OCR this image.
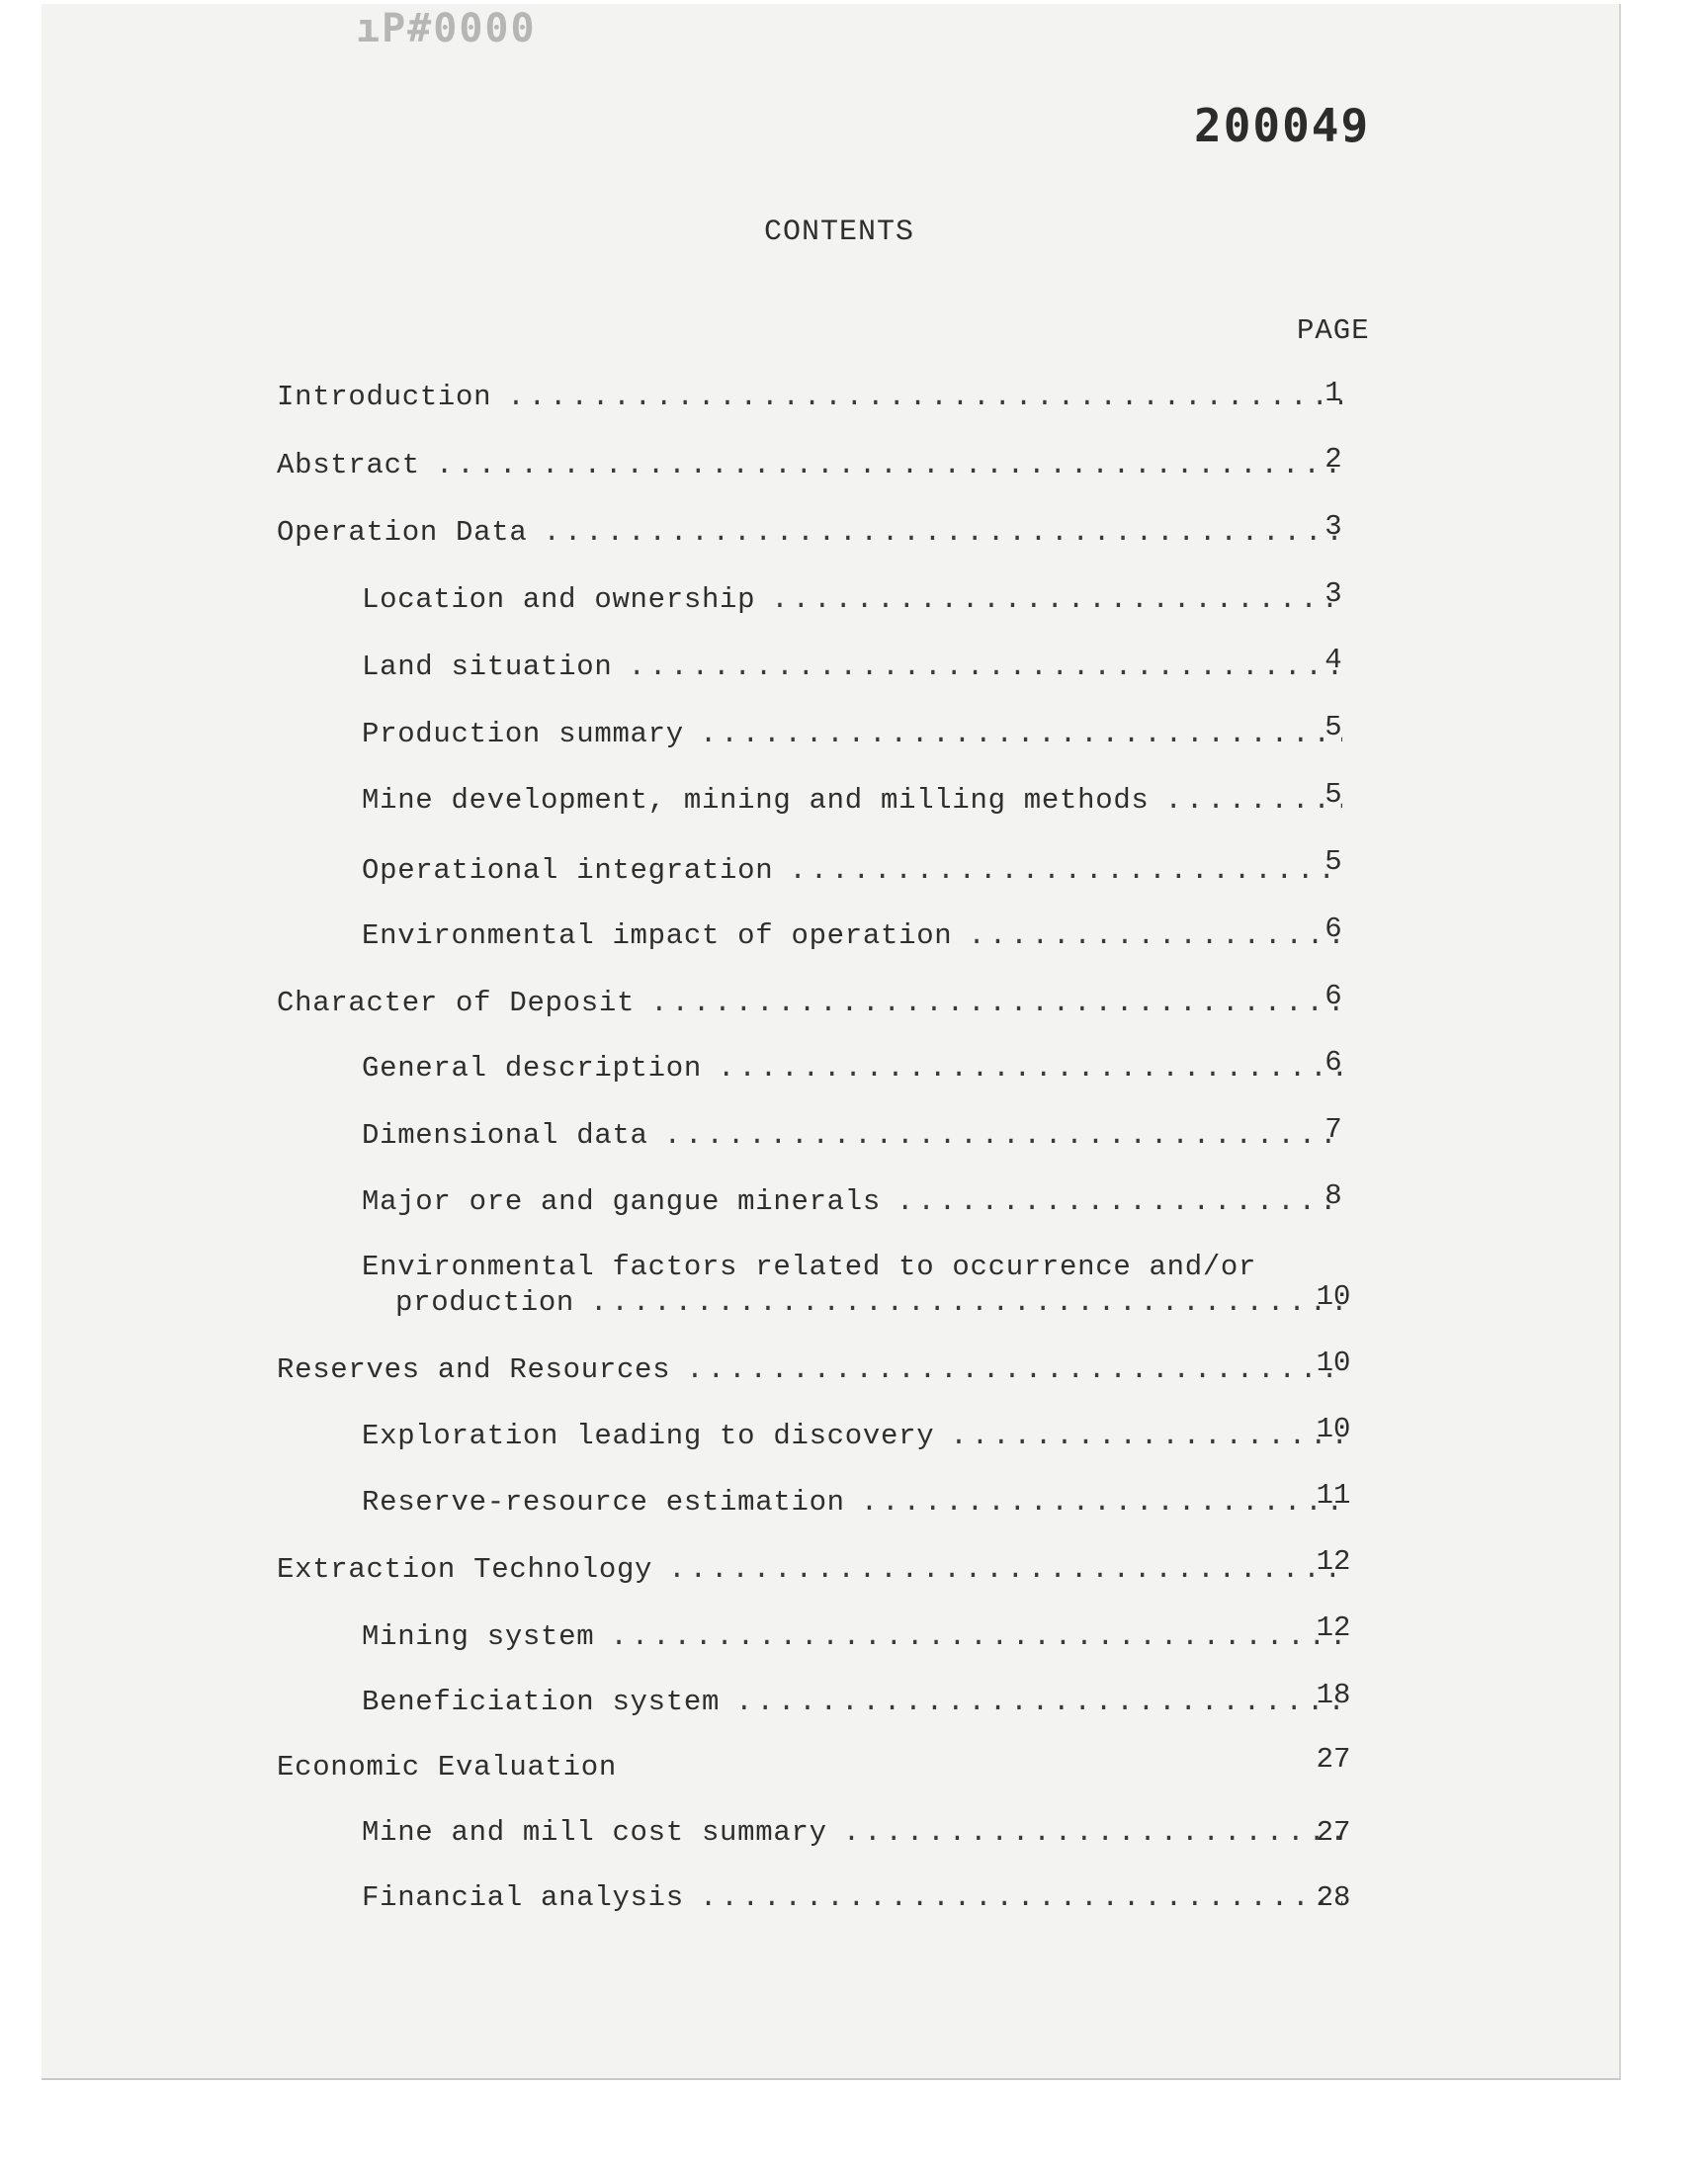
ıP#0000
200049
CONTENTS
PAGE
Introduction .....	1
Abstract .....	2
Operation Data .....	3
Location and ownership .....	3
Land situation .....	4
Production summary .....	5
Mine development, mining and milling methods .....	5
Operational integration .....	5
Environmental impact of operation .....	6
Character of Deposit .....	6
General description .....	6
Dimensional data .....	7
Major ore and gangue minerals .....	8
Environmental factors related to occurrence and/or
production .....	10
Reserves and Resources .....	10
Exploration leading to discovery .....	10
Reserve-resource estimation .....	11
Extraction Technology .....	12
Mining system .....	12
Beneficiation system .....	18
Economic Evaluation	27
Mine and mill cost summary .....	27
Financial analysis .....	28
